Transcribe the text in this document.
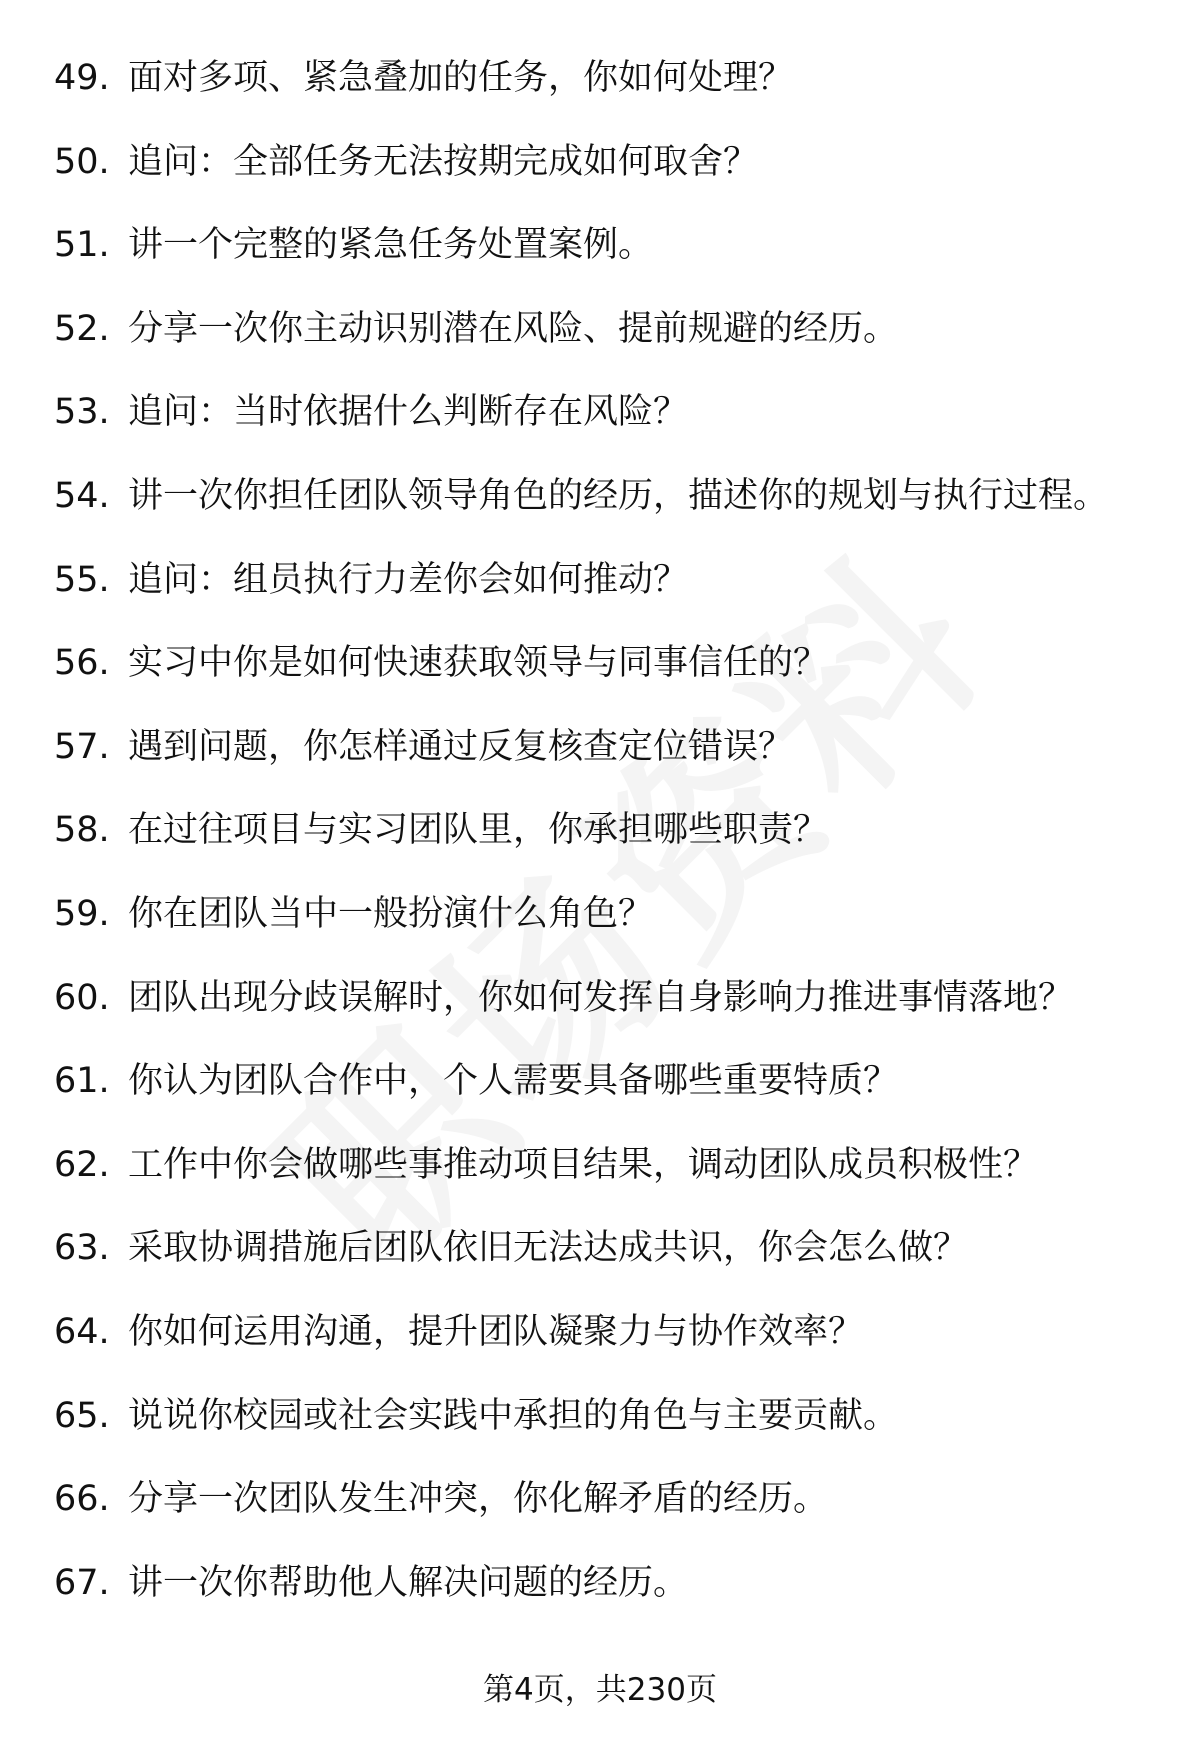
49. 面对多项、紧急叠加的任务，你如何处理？
50. 追问：全部任务无法按期完成如何取舍？
51. 讲一个完整的紧急任务处置案例。
52. 分享一次你主动识别潜在风险、提前规避的经历。
53. 追问：当时依据什么判断存在风险？
54. 讲一次你担任团队领导角色的经历，描述你的规划与执行过程。
55. 追问：组员执行力差你会如何推动？
56. 实习中你是如何快速获取领导与同事信任的？
57. 遇到问题，你怎样通过反复核查定位错误？
58. 在过往项目与实习团队里，你承担哪些职责？
59. 你在团队当中一般扮演什么角色？
60. 团队出现分歧误解时，你如何发挥自身影响力推进事情落地？
61. 你认为团队合作中，个人需要具备哪些重要特质？
62. 工作中你会做哪些事推动项目结果，调动团队成员积极性？
63. 采取协调措施后团队依旧无法达成共识，你会怎么做？
64. 你如何运用沟通，提升团队凝聚力与协作效率？
65. 说说你校园或社会实践中承担的角色与主要贡献。
66. 分享一次团队发生冲突，你化解矛盾的经历。
67. 讲一次你帮助他人解决问题的经历。
第4页，共230页
